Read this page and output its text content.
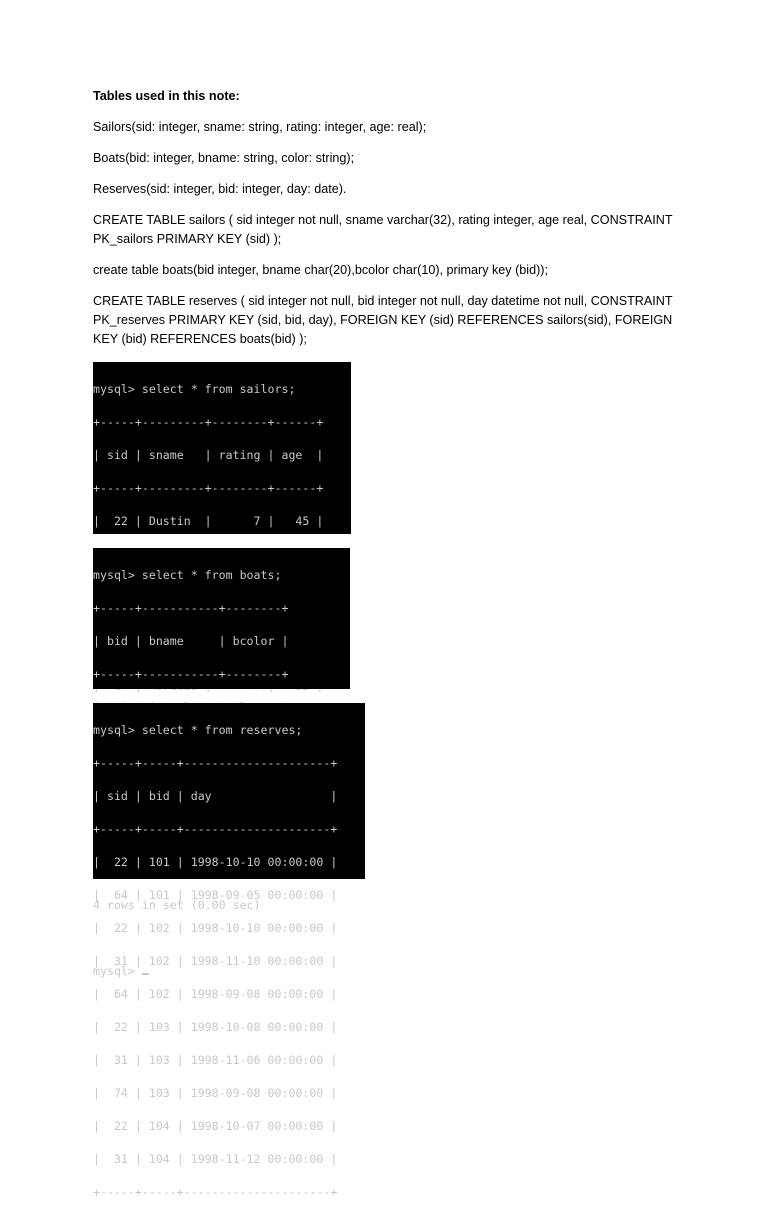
Tables used in this note:

Sailors(sid: integer, sname: string, rating: integer, age: real);

Boats(bid: integer, bname: string, color: string);

Reserves(sid: integer, bid: integer, day: date).

CREATE TABLE sailors ( sid integer not null, sname varchar(32), rating integer, age real, CONSTRAINT PK_sailors PRIMARY KEY (sid) );

create table boats(bid integer, bname char(20),bcolor char(10), primary key (bid));

CREATE TABLE reserves ( sid integer not null, bid integer not null, day datetime not null, CONSTRAINT PK_reserves PRIMARY KEY (sid, bid, day), FOREIGN KEY (sid) REFERENCES sailors(sid), FOREIGN KEY (bid) REFERENCES boats(bid) );

mysql> select * from sailors;

+-----+---------+--------+------+

| sid | sname   | rating | age  |

+-----+---------+--------+------+

|  22 | Dustin  |      7 |   45 |

mysql> select * from boats;

+-----+-----------+--------+

| bid | bname     | bcolor |

+-----+-----------+--------+

4 rows in set (0.00 sec)

mysql>

mysql> select * from reserves;

+-----+-----+---------------------+

| sid | bid | day                 |

+-----+-----+---------------------+

|  22 | 101 | 1998-10-10 00:00:00 |

|  64 | 101 | 1998-09-05 00:00:00 |

|  22 | 102 | 1998-10-10 00:00:00 |

|  31 | 102 | 1998-11-10 00:00:00 |

|  64 | 102 | 1998-09-08 00:00:00 |

|  22 | 103 | 1998-10-08 00:00:00 |

|  31 | 103 | 1998-11-06 00:00:00 |

|  74 | 103 | 1998-09-08 00:00:00 |

|  22 | 104 | 1998-10-07 00:00:00 |

|  31 | 104 | 1998-11-12 00:00:00 |

+-----+-----+---------------------+
